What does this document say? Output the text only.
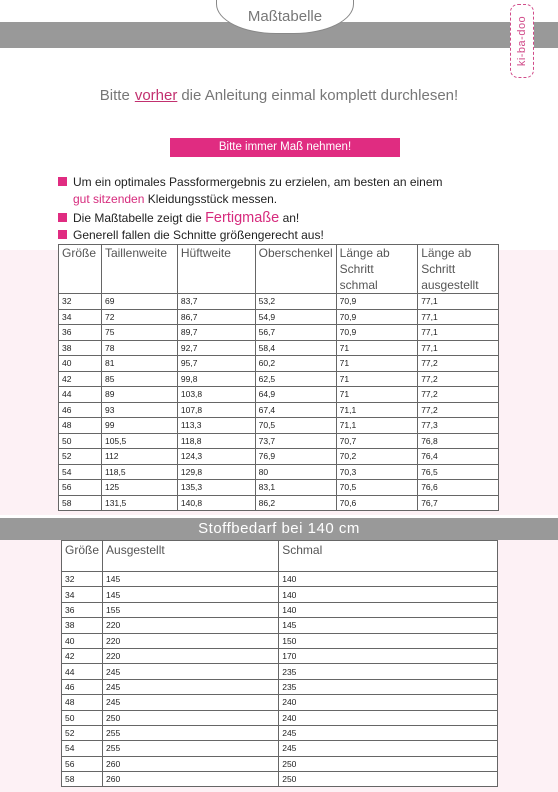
Maßtabelle	ki-ba-doo
Bitte vorher die Anleitung einmal komplett durchlesen!
Bitte immer Maß nehmen!
Um ein optimales Passformergebnis zu erzielen, am besten an einem
gut sitzenden Kleidungsstück messen.
Die Maßtabelle zeigt die Fertigmaße an!
Generell fallen die Schnitte größengerecht aus!
Größe	Taillenweite	Hüftweite	Oberschenkel	Länge ab Schritt schmal	Länge ab Schritt ausgestellt
32	69	83,7	53,2	70,9	77,1
34	72	86,7	54,9	70,9	77,1
36	75	89,7	56,7	70,9	77,1
38	78	92,7	58,4	71	77,1
40	81	95,7	60,2	71	77,2
42	85	99,8	62,5	71	77,2
44	89	103,8	64,9	71	77,2
46	93	107,8	67,4	71,1	77,2
48	99	113,3	70,5	71,1	77,3
50	105,5	118,8	73,7	70,7	76,8
52	112	124,3	76,9	70,2	76,4
54	118,5	129,8	80	70,3	76,5
56	125	135,3	83,1	70,5	76,6
58	131,5	140,8	86,2	70,6	76,7
Stoffbedarf bei 140 cm
Größe	Ausgestellt	Schmal
32	145	140
34	145	140
36	155	140
38	220	145
40	220	150
42	220	170
44	245	235
46	245	235
48	245	240
50	250	240
52	255	245
54	255	245
56	260	250
58	260	250
